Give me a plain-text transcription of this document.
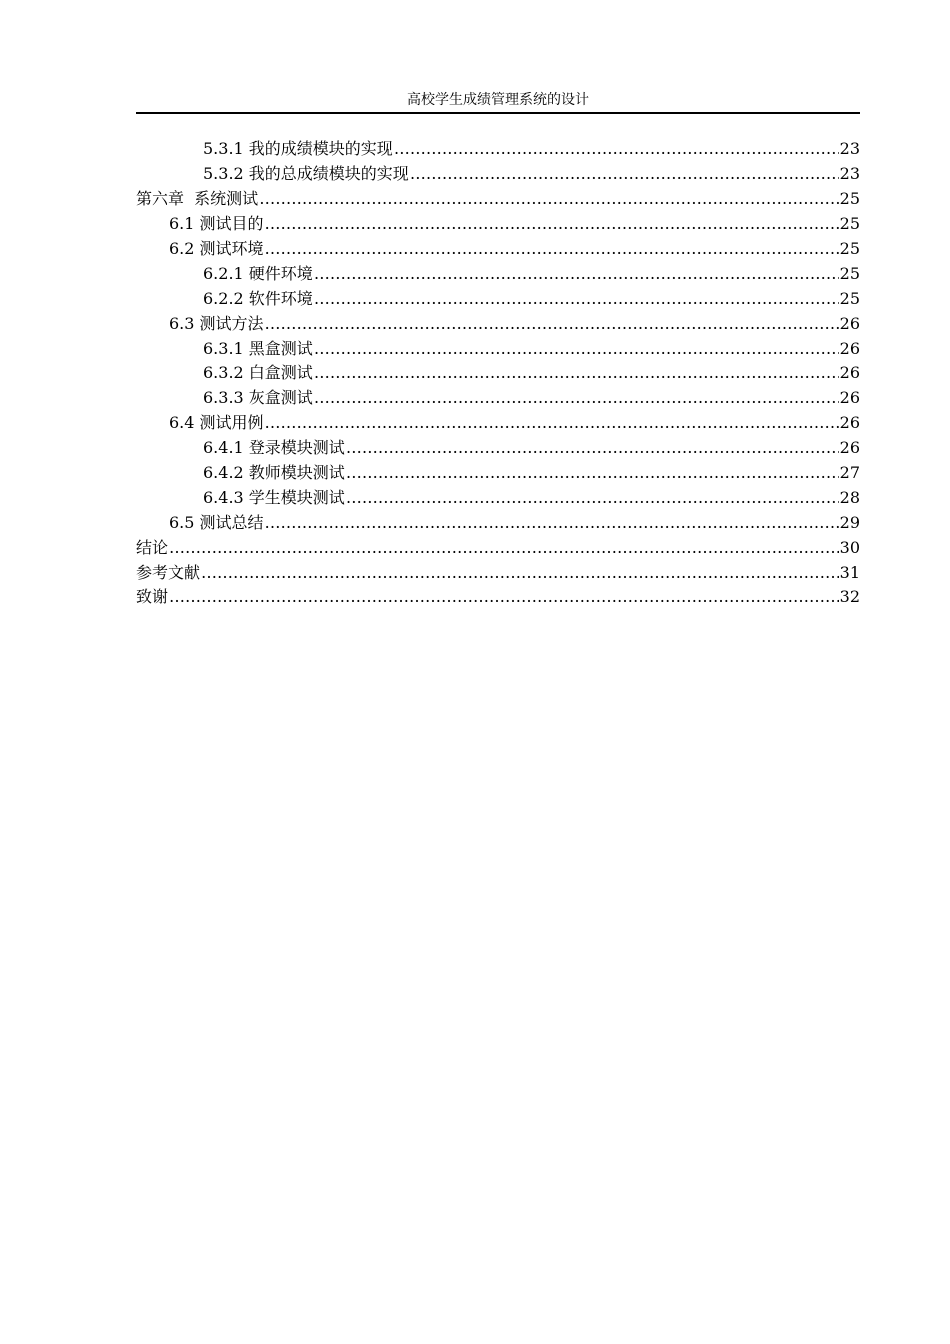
高校学生成绩管理系统的设计
5.3.1 我的成绩模块的实现 ………………………………………………………………………………………………………………………………………………………………………………………………………………………………	23
5.3.2 我的总成绩模块的实现 ………………………………………………………………………………………………………………………………………………………………………………………………………………………………	23
第六章  系统测试 ………………………………………………………………………………………………………………………………………………………………………………………………………………………………	25
6.1 测试目的 ………………………………………………………………………………………………………………………………………………………………………………………………………………………………	25
6.2 测试环境 ………………………………………………………………………………………………………………………………………………………………………………………………………………………………	25
6.2.1 硬件环境 ………………………………………………………………………………………………………………………………………………………………………………………………………………………………	25
6.2.2 软件环境 ………………………………………………………………………………………………………………………………………………………………………………………………………………………………	25
6.3 测试方法 ………………………………………………………………………………………………………………………………………………………………………………………………………………………………	26
6.3.1 黑盒测试 ………………………………………………………………………………………………………………………………………………………………………………………………………………………………	26
6.3.2 白盒测试 ………………………………………………………………………………………………………………………………………………………………………………………………………………………………	26
6.3.3 灰盒测试 ………………………………………………………………………………………………………………………………………………………………………………………………………………………………	26
6.4 测试用例 ………………………………………………………………………………………………………………………………………………………………………………………………………………………………	26
6.4.1 登录模块测试 ………………………………………………………………………………………………………………………………………………………………………………………………………………………………	26
6.4.2 教师模块测试 ………………………………………………………………………………………………………………………………………………………………………………………………………………………………	27
6.4.3 学生模块测试 ………………………………………………………………………………………………………………………………………………………………………………………………………………………………	28
6.5 测试总结 ………………………………………………………………………………………………………………………………………………………………………………………………………………………………	29
结论 ………………………………………………………………………………………………………………………………………………………………………………………………………………………………	30
参考文献 ………………………………………………………………………………………………………………………………………………………………………………………………………………………………	31
致谢 ………………………………………………………………………………………………………………………………………………………………………………………………………………………………	32
